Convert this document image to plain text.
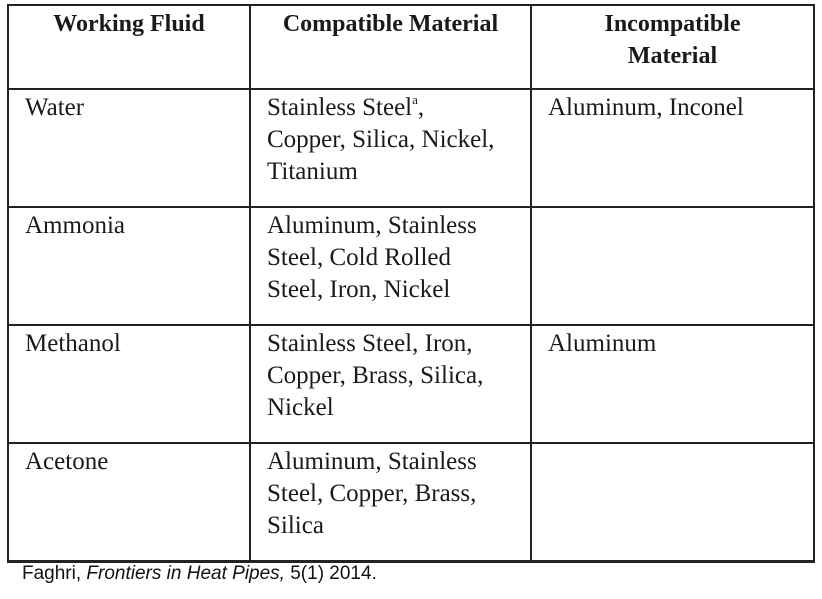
Working Fluid	Compatible Material	Incompatible Material
Water	Stainless Steel$^a$, Copper, Silica, Nickel, Titanium	Aluminum, Inconel
Ammonia	Aluminum, Stainless Steel, Cold Rolled Steel, Iron, Nickel	
Methanol	Stainless Steel, Iron, Copper, Brass, Silica, Nickel	Aluminum
Acetone	Aluminum, Stainless Steel, Copper, Brass, Silica	
Faghri, Frontiers in Heat Pipes, 5(1) 2014.
